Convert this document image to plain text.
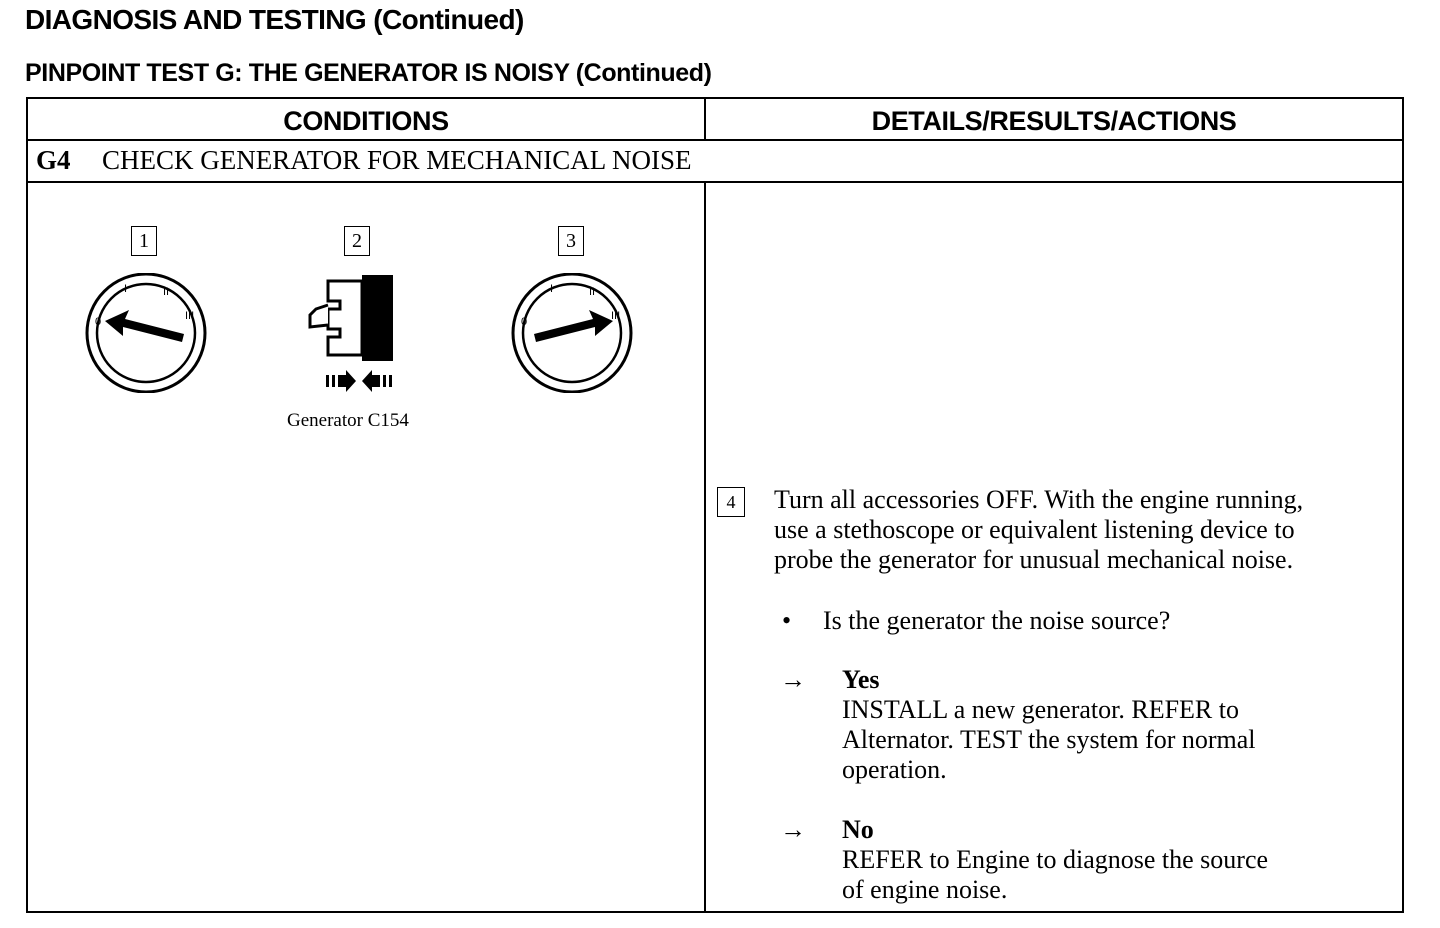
DIAGNOSIS AND TESTING (Continued)
PINPOINT TEST G: THE GENERATOR IS NOISY (Continued)
CONDITIONS	DETAILS/RESULTS/ACTIONS
G4 CHECK GENERATOR FOR MECHANICAL NOISE
1
0
I	II
III
2
Generator C154
3
0
I	II
III
4	Turn all accessories OFF. With the engine running,
use a stethoscope or equivalent listening device to
probe the generator for unusual mechanical noise.
• Is the generator the noise source?
→ Yes
INSTALL a new generator. REFER to
Alternator. TEST the system for normal
operation.
→ No
REFER to Engine to diagnose the source
of engine noise.
